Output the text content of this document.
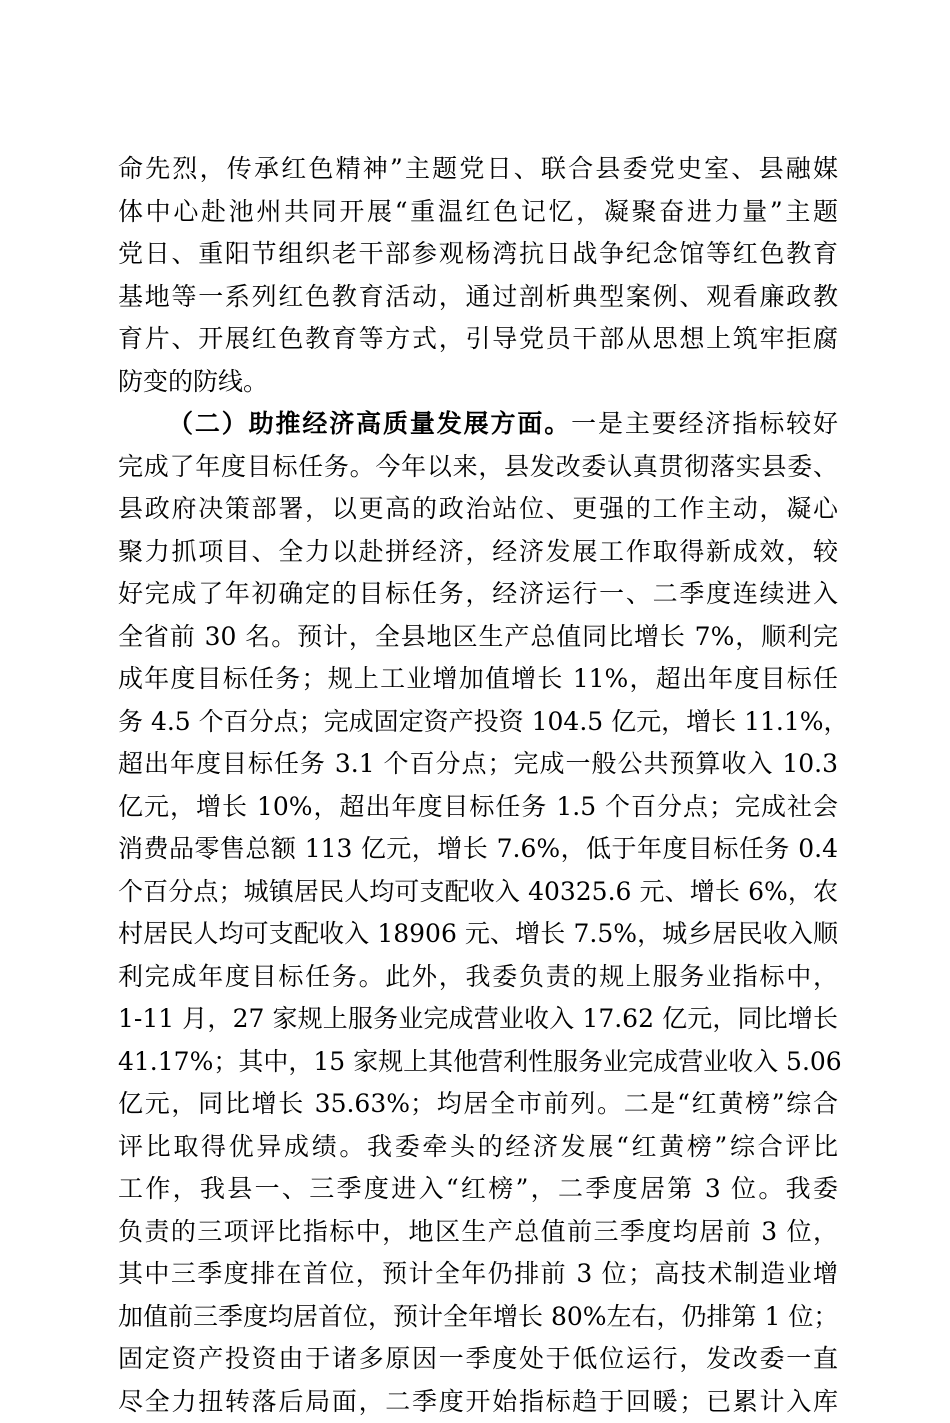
命先烈，传承红色精神”主题党日、联合县委党史室、县融媒
体中心赴池州共同开展“重温红色记忆，凝聚奋进力量”主题
党日、重阳节组织老干部参观杨湾抗日战争纪念馆等红色教育
基地等一系列红色教育活动，通过剖析典型案例、观看廉政教
育片、开展红色教育等方式，引导党员干部从思想上筑牢拒腐
防变的防线。
（二）助推经济高质量发展方面。一是主要经济指标较好
完成了年度目标任务。今年以来，县发改委认真贯彻落实县委、
县政府决策部署，以更高的政治站位、更强的工作主动，凝心
聚力抓项目、全力以赴拼经济，经济发展工作取得新成效，较
好完成了年初确定的目标任务，经济运行一、二季度连续进入
全省前 30 名。预计，全县地区生产总值同比增长 7%，顺利完
成年度目标任务；规上工业增加值增长 11%，超出年度目标任
务 4.5 个百分点；完成固定资产投资 104.5 亿元，增长 11.1%，
超出年度目标任务 3.1 个百分点；完成一般公共预算收入 10.3
亿元，增长 10%，超出年度目标任务 1.5 个百分点；完成社会
消费品零售总额 113 亿元，增长 7.6%，低于年度目标任务 0.4
个百分点；城镇居民人均可支配收入 40325.6 元、增长 6%，农
村居民人均可支配收入 18906 元、增长 7.5%，城乡居民收入顺
利完成年度目标任务。此外，我委负责的规上服务业指标中，
1-11 月，27 家规上服务业完成营业收入 17.62 亿元，同比增长
41.17%；其中，15 家规上其他营利性服务业完成营业收入 5.06
亿元，同比增长 35.63%；均居全市前列。二是“红黄榜”综合
评比取得优异成绩。我委牵头的经济发展“红黄榜”综合评比
工作，我县一、三季度进入“红榜”，二季度居第 3 位。我委
负责的三项评比指标中，地区生产总值前三季度均居前 3 位，
其中三季度排在首位，预计全年仍排前 3 位；高技术制造业增
加值前三季度均居首位，预计全年增长 80%左右，仍排第 1 位；
固定资产投资由于诸多原因一季度处于低位运行，发改委一直
尽全力扭转落后局面，二季度开始指标趋于回暖；已累计入库
